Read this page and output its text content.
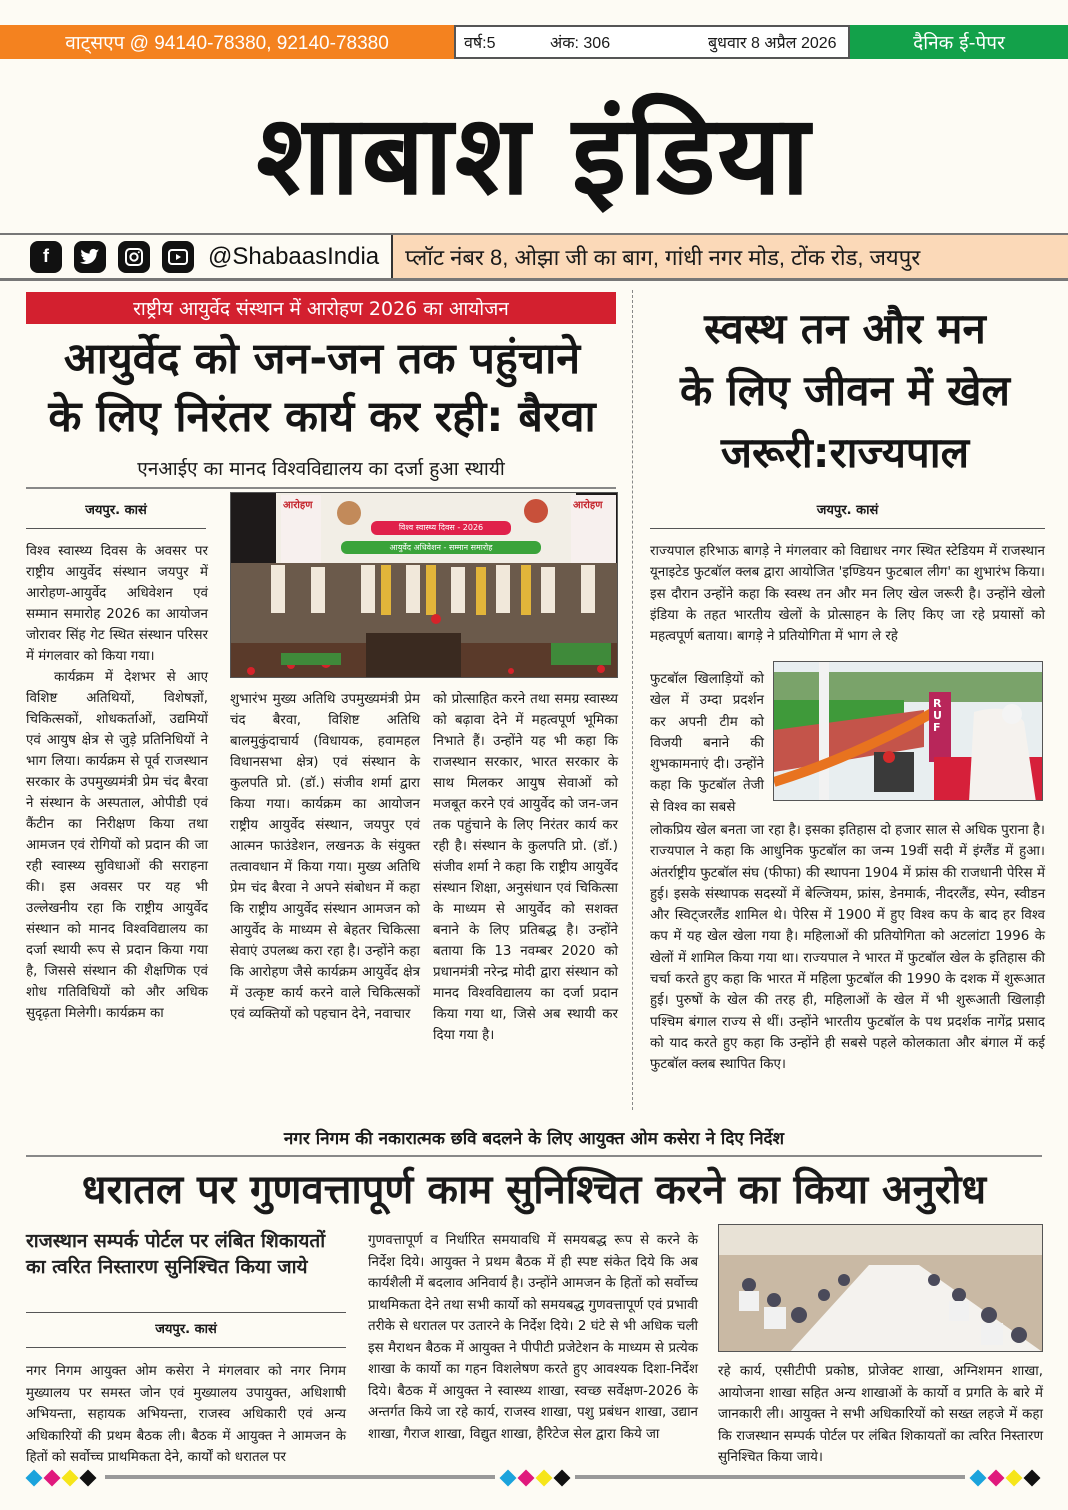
वाट्सएप @ 94140-78380, 92140-78380	वर्ष:5	अंक: 306	बुधवार 8 अप्रैल 2026	दैनिक ई-पेपर
शाबाश इंडिया
f	@ShabaasIndia	प्लॉट नंबर 8, ओझा जी का बाग, गांधी नगर मोड, टोंक रोड, जयपुर
राष्ट्रीय आयुर्वेद संस्थान में आरोहण 2026 का आयोजन
आयुर्वेद को जन-जन तक पहुंचाने
के लिए निरंतर कार्य कर रही: बैरवा
एनआईए का मानद विश्वविद्यालय का दर्जा हुआ स्थायी
जयपुर. कासं	आरोहण	आरोहण
विश्व स्वास्थ्य दिवस - 2026
आयुर्वेद अधिवेशन - सम्मान समारोह

विश्व स्वास्थ्य दिवस के अवसर पर राष्ट्रीय आयुर्वेद संस्थान जयपुर में आरोहण-आयुर्वेद अधिवेशन एवं सम्मान समारोह 2026 का आयोजन जोरावर सिंह गेट स्थित संस्थान परिसर में मंगलवार को किया गया।

कार्यक्रम में देशभर से आए विशिष्ट अतिथियों, विशेषज्ञों, चिकित्सकों, शोधकर्ताओं, उद्यमियों एवं आयुष क्षेत्र से जुड़े प्रतिनिधियों ने भाग लिया। कार्यक्रम से पूर्व राजस्थान सरकार के उपमुख्यमंत्री प्रेम चंद बैरवा ने संस्थान के अस्पताल, ओपीडी एवं कैंटीन का निरीक्षण किया तथा आमजन एवं रोगियों को प्रदान की जा रही स्वास्थ्य सुविधाओं की सराहना की। इस अवसर पर यह भी उल्लेखनीय रहा कि राष्ट्रीय आयुर्वेद संस्थान को मानद विश्वविद्यालय का दर्जा स्थायी रूप से प्रदान किया गया है, जिससे संस्थान की शैक्षणिक एवं शोध गतिविधियों को और अधिक सुदृढ़ता मिलेगी। कार्यक्रम का

शुभारंभ मुख्य अतिथि उपमुख्यमंत्री प्रेम चंद बैरवा, विशिष्ट अतिथि बालमुकुंदाचार्य (विधायक, हवामहल विधानसभा क्षेत्र) एवं संस्थान के कुलपति प्रो. (डॉ.) संजीव शर्मा द्वारा किया गया। कार्यक्रम का आयोजन राष्ट्रीय आयुर्वेद संस्थान, जयपुर एवं आत्मन फाउंडेशन, लखनऊ के संयुक्त तत्वावधान में किया गया। मुख्य अतिथि प्रेम चंद बैरवा ने अपने संबोधन में कहा कि राष्ट्रीय आयुर्वेद संस्थान आमजन को आयुर्वेद के माध्यम से बेहतर चिकित्सा सेवाएं उपलब्ध करा रहा है। उन्होंने कहा कि आरोहण जैसे कार्यक्रम आयुर्वेद क्षेत्र में उत्कृष्ट कार्य करने वाले चिकित्सकों एवं व्यक्तियों को पहचान देने, नवाचार
को प्रोत्साहित करने तथा समग्र स्वास्थ्य को बढ़ावा देने में महत्वपूर्ण भूमिका निभाते हैं। उन्होंने यह भी कहा कि राजस्थान सरकार, भारत सरकार के साथ मिलकर आयुष सेवाओं को मजबूत करने एवं आयुर्वेद को जन-जन तक पहुंचाने के लिए निरंतर कार्य कर रही है। संस्थान के कुलपति प्रो. (डॉ.) संजीव शर्मा ने कहा कि राष्ट्रीय आयुर्वेद संस्थान शिक्षा, अनुसंधान एवं चिकित्सा के माध्यम से आयुर्वेद को सशक्त बनाने के लिए प्रतिबद्ध है। उन्होंने बताया कि 13 नवम्बर 2020 को प्रधानमंत्री नरेन्द्र मोदी द्वारा संस्थान को मानद विश्वविद्यालय का दर्जा प्रदान किया गया था, जिसे अब स्थायी कर दिया गया है।
स्वस्थ तन और मन
के लिए जीवन में खेल
जरूरी:राज्यपाल
जयपुर. कासं
राज्यपाल हरिभाऊ बागड़े ने मंगलवार को विद्याधर नगर स्थित स्टेडियम में राजस्थान यूनाइटेड फुटबॉल क्लब द्वारा आयोजित 'इण्डियन फुटबाल लीग' का शुभारंभ किया। इस दौरान उन्होंने कहा कि स्वस्थ तन और मन लिए खेल जरूरी है। उन्होंने खेलो इंडिया के तहत भारतीय खेलों के प्रोत्साहन के लिए किए जा रहे प्रयासों को महत्वपूर्ण बताया। बागड़े ने प्रतियोगिता में भाग ले रहे
RUF
फुटबॉल खिलाड़ियों को खेल में उम्दा प्रदर्शन कर अपनी टीम को विजयी बनाने की शुभकामनाएं दी। उन्होंने कहा कि फुटबॉल तेजी से विश्व का सबसे
लोकप्रिय खेल बनता जा रहा है। इसका इतिहास दो हजार साल से अधिक पुराना है। राज्यपाल ने कहा कि आधुनिक फुटबॉल का जन्म 19वीं सदी में इंग्लैंड में हुआ। अंतर्राष्ट्रीय फुटबॉल संघ (फीफा) की स्थापना 1904 में फ्रांस की राजधानी पेरिस में हुई। इसके संस्थापक सदस्यों में बेल्जियम, फ्रांस, डेनमार्क, नीदरलैंड, स्पेन, स्वीडन और स्विट्जरलैंड शामिल थे। पेरिस में 1900 में हुए विश्व कप के बाद हर विश्व कप में यह खेल खेला गया है। महिलाओं की प्रतियोगिता को अटलांटा 1996 के खेलों में शामिल किया गया था। राज्यपाल ने भारत में फुटबॉल खेल के इतिहास की चर्चा करते हुए कहा कि भारत में महिला फुटबॉल की 1990 के दशक में शुरूआत हुई। पुरुषों के खेल की तरह ही, महिलाओं के खेल में भी शुरूआती खिलाड़ी पश्चिम बंगाल राज्य से थीं। उन्होंने भारतीय फुटबॉल के पथ प्रदर्शक नागेंद्र प्रसाद को याद करते हुए कहा कि उन्होंने ही सबसे पहले कोलकाता और बंगाल में कई फुटबॉल क्लब स्थापित किए।
नगर निगम की नकारात्मक छवि बदलने के लिए आयुक्त ओम कसेरा ने दिए निर्देश
धरातल पर गुणवत्तापूर्ण काम सुनिश्चित करने का किया अनुरोध
राजस्थान सम्पर्क पोर्टल पर लंबित शिकायतों का त्वरित निस्तारण सुनिश्चित किया जाये
जयपुर. कासं
नगर निगम आयुक्त ओम कसेरा ने मंगलवार को नगर निगम मुख्यालय पर समस्त जोन एवं मुख्यालय उपायुक्त, अधिशाषी अभियन्ता, सहायक अभियन्ता, राजस्व अधिकारी एवं अन्य अधिकारियों की प्रथम बैठक ली। बैठक में आयुक्त ने आमजन के हितों को सर्वोच्च प्राथमिकता देने, कार्यों को धरातल पर
गुणवत्तापूर्ण व निर्धारित समयावधि में समयबद्ध रूप से करने के निर्देश दिये। आयुक्त ने प्रथम बैठक में ही स्पष्ट संकेत दिये कि अब कार्यशैली में बदलाव अनिवार्य है। उन्होंने आमजन के हितों को सर्वोच्च प्राथमिकता देने तथा सभी कार्यो को समयबद्ध गुणवत्तापूर्ण एवं प्रभावी तरीके से धरातल पर उतारने के निर्देश दिये। 2 घंटे से भी अधिक चली इस मैराथन बैठक में आयुक्त ने पीपीटी प्रजेटेशन के माध्यम से प्रत्येक शाखा के कार्यो का गहन विशलेषण करते हुए आवश्यक दिशा-निर्देश दिये। बैठक में आयुक्त ने स्वास्थ्य शाखा, स्वच्छ सर्वेक्षण-2026 के अन्तर्गत किये जा रहे कार्य, राजस्व शाखा, पशु प्रबंधन शाखा, उद्यान शाखा, गैराज शाखा, विद्युत शाखा, हैरिटेज सेल द्वारा किये जा
रहे कार्य, एसीटीपी प्रकोष्ठ, प्रोजेक्ट शाखा, अग्निशमन शाखा, आयोजना शाखा सहित अन्य शाखाओं के कार्यो व प्रगति के बारे में जानकारी ली। आयुक्त ने सभी अधिकारियों को सख्त लहजे में कहा कि राजस्थान सम्पर्क पोर्टल पर लंबित शिकायतों का त्वरित निस्तारण सुनिश्चित किया जाये।
